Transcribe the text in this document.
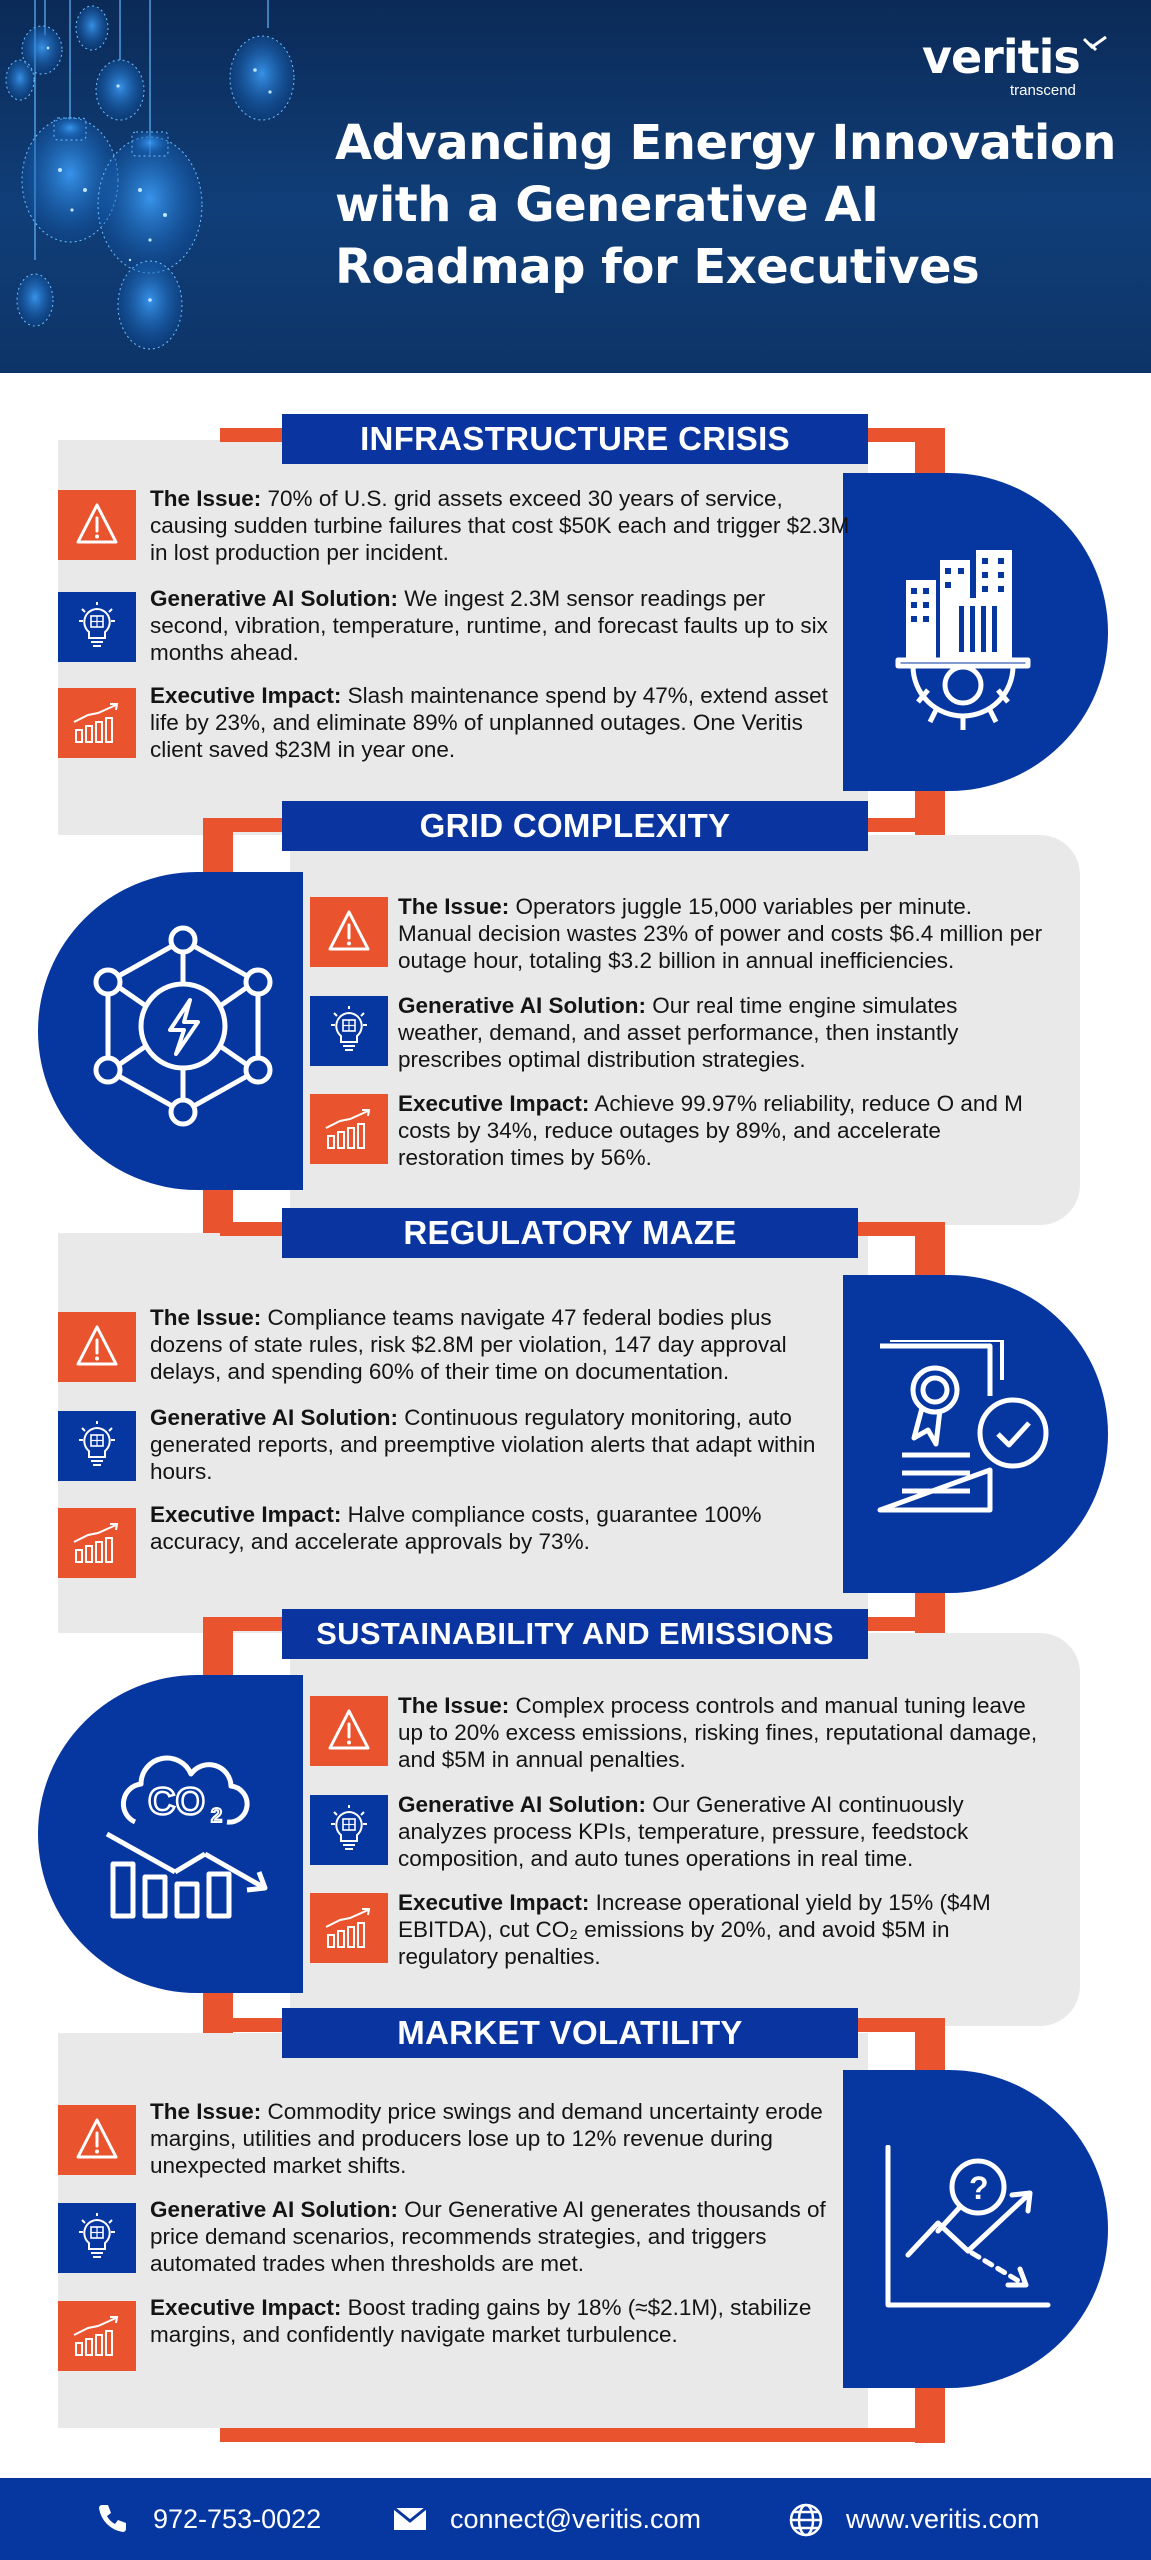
veritis
transcend
Advancing Energy Innovation with a Generative AI Roadmap for Executives
INFRASTRUCTURE CRISIS
The Issue: 70% of U.S. grid assets exceed 30 years of service, causing sudden turbine failures that cost $50K each and trigger $2.3M in lost production per incident.
Generative AI Solution: We ingest 2.3M sensor readings per second, vibration, temperature, runtime, and forecast faults up to six months ahead.
Executive Impact: Slash maintenance spend by 47%, extend asset life by 23%, and eliminate 89% of unplanned outages. One Veritis client saved $23M in year one.
GRID COMPLEXITY
The Issue: Operators juggle 15,000 variables per minute. Manual decision wastes 23% of power and costs $6.4 million per outage hour, totaling $3.2 billion in annual inefficiencies.
Generative AI Solution: Our real time engine simulates weather, demand, and asset performance, then instantly prescribes optimal distribution strategies.
Executive Impact: Achieve 99.97% reliability, reduce O and M costs by 34%, reduce outages by 89%, and accelerate restoration times by 56%.
REGULATORY MAZE
The Issue: Compliance teams navigate 47 federal bodies plus dozens of state rules, risk $2.8M per violation, 147 day approval delays, and spending 60% of their time on documentation.
Generative AI Solution: Continuous regulatory monitoring, auto generated reports, and preemptive violation alerts that adapt within hours.
Executive Impact: Halve compliance costs, guarantee 100% accuracy, and accelerate approvals by 73%.
SUSTAINABILITY AND EMISSIONS
CO 2
The Issue: Complex process controls and manual tuning leave up to 20% excess emissions, risking fines, reputational damage, and $5M in annual penalties.
Generative AI Solution: Our Generative AI continuously analyzes process KPIs, temperature, pressure, feedstock composition, and auto tunes operations in real time.
Executive Impact: Increase operational yield by 15% ($4M EBITDA), cut CO₂ emissions by 20%, and avoid $5M in regulatory penalties.
MARKET VOLATILITY
?
The Issue: Commodity price swings and demand uncertainty erode margins, utilities and producers lose up to 12% revenue during unexpected market shifts.
Generative AI Solution: Our Generative AI generates thousands of price demand scenarios, recommends strategies, and triggers automated trades when thresholds are met.
Executive Impact: Boost trading gains by 18% (≈$2.1M), stabilize margins, and confidently navigate market turbulence.
972-753-0022	connect@veritis.com	www.veritis.com
